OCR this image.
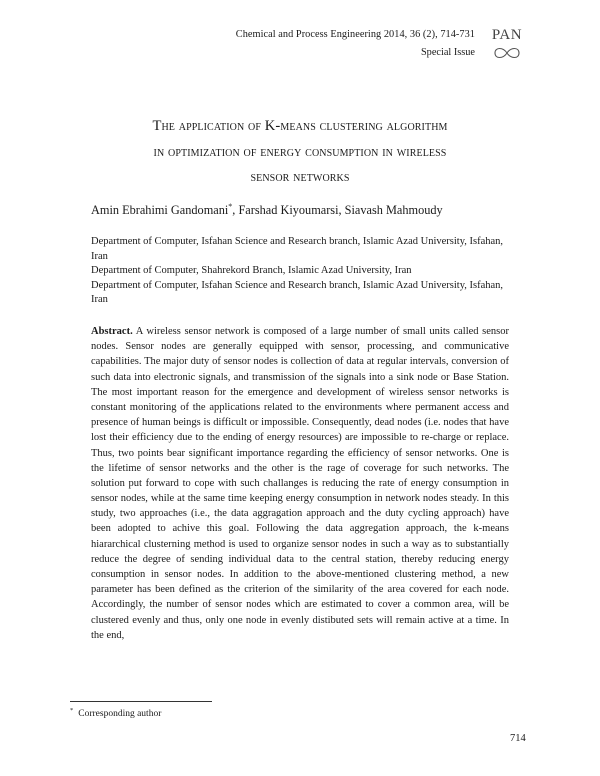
Chemical and Process Engineering 2014, 36 (2), 714-731
Special Issue
PAN
The application of K-means clustering algorithm
in optimization of energy consumption in wireless
sensor networks
Amin Ebrahimi Gandomani*, Farshad Kiyoumarsi, Siavash Mahmoudy
Department of Computer, Isfahan Science and Research branch, Islamic Azad University, Isfahan, Iran
Department of Computer, Shahrekord Branch, Islamic Azad University, Iran
Department of Computer, Isfahan Science and Research branch, Islamic Azad University, Isfahan, Iran
Abstract. A wireless sensor network is composed of a large number of small units called sensor nodes. Sensor nodes are generally equipped with sensor, processing, and communicative capabilities. The major duty of sensor nodes is collection of data at regular intervals, conversion of such data into electronic signals, and transmission of the signals into a sink node or Base Station. The most important reason for the emergence and development of wireless sensor networks is constant monitoring of the applications related to the environments where permanent access and presence of human beings is difficult or impossible. Consequently, dead nodes (i.e. nodes that have lost their efficiency due to the ending of energy resources) are impossible to re-charge or replace. Thus, two points bear significant importance regarding the efficiency of sensor networks. One is the lifetime of sensor networks and the other is the rage of coverage for such networks. The solution put forward to cope with such challanges is reducing the rate of energy consumption in sensor nodes, while at the same time keeping energy consumption in network nodes steady. In this study, two approaches (i.e., the data aggragation approach and the duty cycling approach) have been adopted to achive this goal. Following the data aggregation approach, the k-means hiararchical clusterning method is used to organize sensor nodes in such a way as to substantially reduce the degree of sending individual data to the central station, thereby reducing energy consumption in sensor nodes. In addition to the above-mentioned clustering method, a new parameter has been defined as the criterion of the similarity of the area covered for each node. Accordingly, the number of sensor nodes which are estimated to cover a common area, will be clustered evenly and thus, only one node in evenly distibuted sets will remain active at a time. In the end,
* Corresponding author
714
